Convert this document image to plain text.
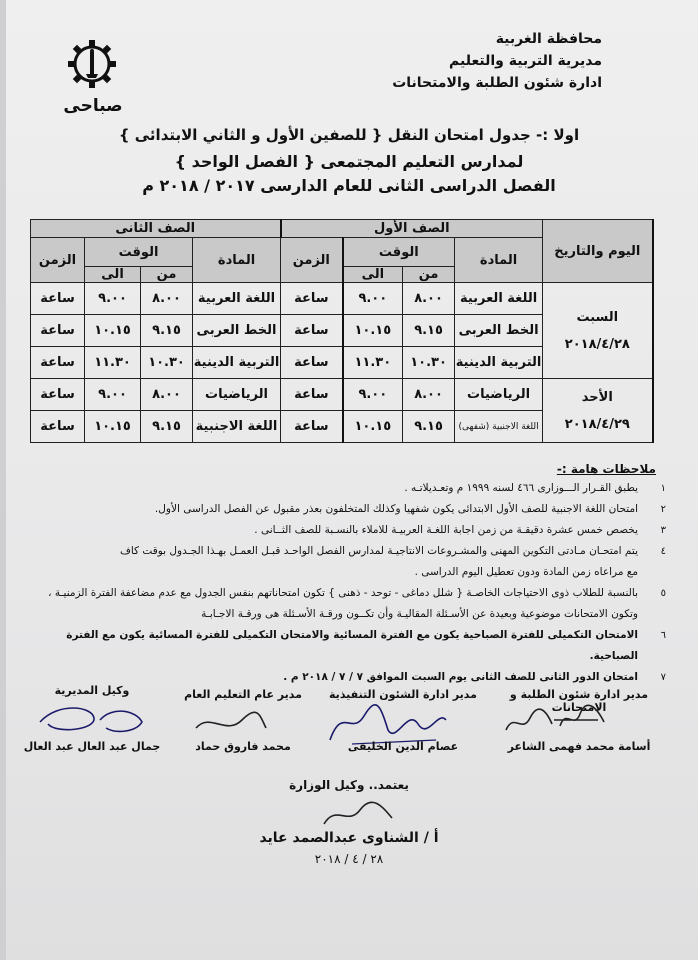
محافظة الغربية
مديرية التربية والتعليم
ادارة شئون الطلبة والامتحانات
صباحى
اولا :- جدول امتحان النقل { للصفين الأول و الثاني الابتدائى }
لمدارس التعليم المجتمعى { الفصل الواحد }
الفصل الدراسى الثانى للعام الدارسى ٢٠١٧ / ٢٠١٨ م
اليوم والتاريخ	الصف الأول				الصف الثانى			
	المادة	الوقت		الزمن	المادة	الوقت		الزمن
		من	الى			من	الى	

السبت
٢٠١٨/٤/٢٨	اللغة العربية	٨.٠٠	٩.٠٠	ساعة	اللغة العربية	٨.٠٠	٩.٠٠	ساعة
	الخط العربى	٩.١٥	١٠.١٥	ساعة	الخط العربى	٩.١٥	١٠.١٥	ساعة
	التربية الدينية	١٠.٣٠	١١.٣٠	ساعة	التربية الدينية	١٠.٣٠	١١.٣٠	ساعة

الأحد
٢٠١٨/٤/٢٩	الرياضيات	٨.٠٠	٩.٠٠	ساعة	الرياضيات	٨.٠٠	٩.٠٠	ساعة
	اللغة الاجنبية (شفهى)	٩.١٥	١٠.١٥	ساعة	اللغة الاجنبية	٩.١٥	١٠.١٥	ساعة
ملاحظات هامة :-
١
يطبق القـرار الـــوزارى ٤٦٦ لسنه ١٩٩٩ م وتعـديلاتـه .
٢
امتحان اللغة الاجنبية للصف الأول الابتدائى يكون شفهيا وكذلك المتخلفون بعذر مقبول عن الفصل الدراسى الأول.
٣
يخصص خمس عشرة دقيقـة من زمن اجابة اللغـة العربيـة للاملاء بالنسـبة للصف الثــانى .
٤
يتم امتحـان مـادتى التكوين المهنى والمشـروعات الانتاجيـة لمدارس الفصل الواحـد قبـل العمـل بهـذا الجـدول بوقت كاف
مع مراعاه زمن المادة ودون تعطيل اليوم الدراسى .
٥
بالنسبة للطلاب ذوى الاحتياجات الخاصـة { شلل دماغى - توحد - ذهنى } تكون امتحاناتهم بنفس الجدول مع عدم مضاعفة الفترة الزمنيـة ،
وتكون الامتحانات موضوعية وبعيدة عن الأسـئلة المقاليـة وأن تكــون ورقـة الأسـئلة هى ورقـة الاجـابـة
٦
الامتحان التكميلى للفترة الصباحية يكون مع الفترة المسائية والامتحان التكميلى للفترة المسائية يكون مع الفترة الصباحية.
٧
امتحان الدور الثانى للصف الثانى يوم السبت الموافق ٧ / ٧ / ٢٠١٨ م .
مدير ادارة شئون الطلبة و الامتحانات
مدير ادارة الشئون التنفيذية
مدير عام التعليم العام
وكيل المديرية
أسامة محمد فهمى الشاعر
عصام الدين الخليفى
محمد فاروق حماد
جمال عبد العال عبد العال
يعتمد.. وكيل الوزارة
أ / الشناوى عبدالصمد عايد
٢٨ / ٤ / ٢٠١٨
